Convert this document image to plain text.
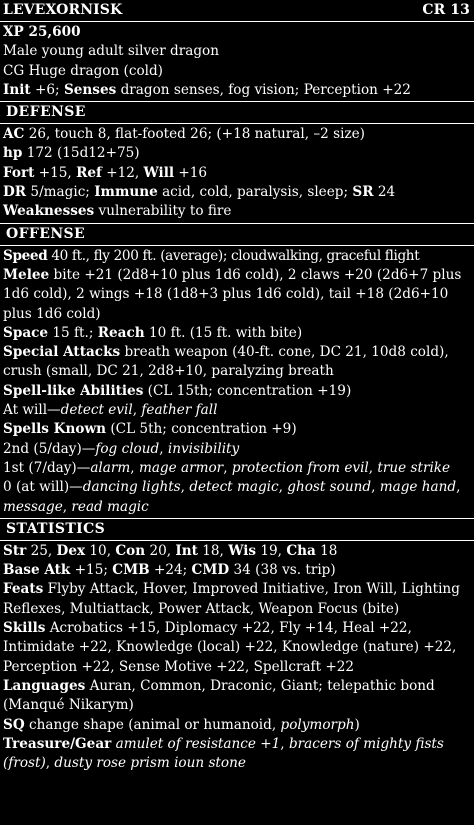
LEVEXORNISK	CR 13
XP 25,600
Male young adult silver dragon
CG Huge dragon (cold)
Init +6; Senses dragon senses, fog vision; Perception +22
DEFENSE
AC 26, touch 8, flat-footed 26; (+18 natural, –2 size)
hp 172 (15d12+75)
Fort +15, Ref +12, Will +16
DR 5/magic; Immune acid, cold, paralysis, sleep; SR 24
Weaknesses vulnerability to fire
OFFENSE
Speed 40 ft., fly 200 ft. (average); cloudwalking, graceful flight
Melee bite +21 (2d8+10 plus 1d6 cold), 2 claws +20 (2d6+7 plus 1d6 cold), 2 wings +18 (1d8+3 plus 1d6 cold), tail +18 (2d6+10 plus 1d6 cold)
Space 15 ft.; Reach 10 ft. (15 ft. with bite)
Special Attacks breath weapon (40-ft. cone, DC 21, 10d8 cold), crush (small, DC 21, 2d8+10, paralyzing breath
Spell-like Abilities (CL 15th; concentration +19)
At will—detect evil, feather fall
Spells Known (CL 5th; concentration +9)
2nd (5/day)—fog cloud, invisibility
1st (7/day)—alarm, mage armor, protection from evil, true strike
0 (at will)—dancing lights, detect magic, ghost sound, mage hand, message, read magic
STATISTICS
Str 25, Dex 10, Con 20, Int 18, Wis 19, Cha 18
Base Atk +15; CMB +24; CMD 34 (38 vs. trip)
Feats Flyby Attack, Hover, Improved Initiative, Iron Will, Lighting Reflexes, Multiattack, Power Attack, Weapon Focus (bite)
Skills Acrobatics +15, Diplomacy +22, Fly +14, Heal +22, Intimidate +22, Knowledge (local) +22, Knowledge (nature) +22, Perception +22, Sense Motive +22, Spellcraft +22
Languages Auran, Common, Draconic, Giant; telepathic bond (Manqué Nikarym)
SQ change shape (animal or humanoid, polymorph)
Treasure/Gear amulet of resistance +1, bracers of mighty fists (frost), dusty rose prism ioun stone
